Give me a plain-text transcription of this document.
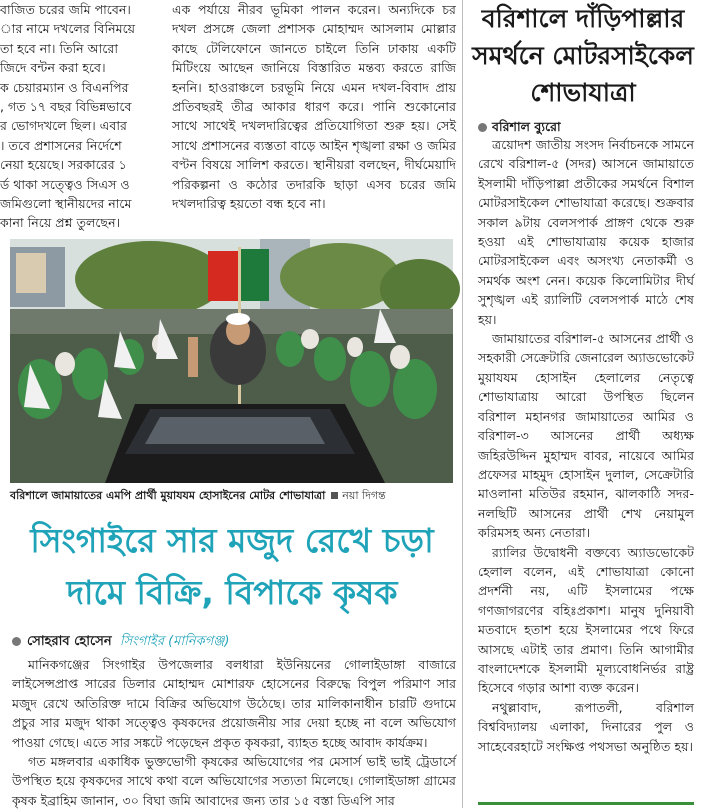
বাজিত চরের জমি পাবেন।

ার নামে দখলের বিনিময়ে

তা হবে না। তিনি আরো

জিদে বন্টন করা হবে।

ক চেয়ারম্যান ও বিএনপির

, গত ১৭ বছর বিভিন্নভাবে

র ভোগদখলে ছিল। এবার

। তবে প্রশাসনের নির্দেশে

নেয়া হয়েছে। সরকারের ১

র্ড থাকা সত্ত্বেও সিএস ও

জমিগুলো স্থানীয়দের নামে

কানা নিয়ে প্রশ্ন তুলছেন।

এক পর্যায়ে নীরব ভূমিকা পালন করেন। অন্যদিকে চর দখল প্রসঙ্গে জেলা প্রশাসক মোহাম্মদ আসলাম মোল্লার কাছে টেলিফোনে জানতে চাইলে তিনি ঢাকায় একটি মিটিংয়ে আছেন জানিয়ে বিস্তারিত মন্তব্য করতে রাজি হননি। হাওরাঞ্চলে চরভূমি নিয়ে এমন দখল-বিবাদ প্রায় প্রতিবছরই তীব্র আকার ধারণ করে। পানি শুকোনোর সাথে সাথেই দখলদারিত্বের প্রতিযোগিতা শুরু হয়। সেই সাথে প্রশাসনের ব্যস্ততা বাড়ে আইন শৃঙ্খলা রক্ষা ও জমির বণ্টন বিষয়ে সালিশ করতে। স্থানীয়রা বলছেন, দীর্ঘমেয়াদি পরিকল্পনা ও কঠোর তদারকি ছাড়া এসব চরের জমি দখলদারিত্ব হয়তো বন্ধ হবে না।

বরিশালে জামায়াতের এমপি প্রার্থী মুয়াযযম হোসাইনের মোটর শোভাযাত্রা নয়া দিগন্ত
সিংগাইরে সার মজুদ রেখে চড়া দামে বিক্রি, বিপাকে কৃষক
সোহরাব হোসেন সিংগাইর (মানিকগঞ্জ)

মানিকগঞ্জের সিংগাইর উপজেলার বলধারা ইউনিয়নের গোলাইডাঙ্গা বাজারে লাইসেন্সপ্রাপ্ত সারের ডিলার মোহাম্মদ মোশারফ হোসেনের বিরুদ্ধে বিপুল পরিমাণ সার মজুদ রেখে অতিরিক্ত দামে বিক্রির অভিযোগ উঠেছে। তার মালিকানাধীন চারটি গুদামে প্রচুর সার মজুদ থাকা সত্ত্বেও কৃষকদের প্রয়োজনীয় সার দেয়া হচ্ছে না বলে অভিযোগ পাওয়া গেছে। এতে সার সঙ্কটে পড়েছেন প্রকৃত কৃষকরা, ব্যাহত হচ্ছে আবাদ কার্যক্রম।

গত মঙ্গলবার একাধিক ভুক্তভোগী কৃষকের অভিযোগের পর মেসার্স ভাই ভাই ট্রেডার্সে উপস্থিত হয়ে কৃষকদের সাথে কথা বলে অভিযোগের সত্যতা মিলেছে। গোলাইডাঙ্গা গ্রামের কৃষক ইব্রাহিম জানান, ৩০ বিঘা জমি আবাদের জন্য তার ১৫ বস্তা ডিএপি সার

বরিশালে দাঁড়িপাল্লার সমর্থনে মোটরসাইকেল শোভাযাত্রা
বরিশাল ব্যুরো

ত্রয়োদশ জাতীয় সংসদ নির্বাচনকে সামনে রেখে বরিশাল-৫ (সদর) আসনে জামায়াতে ইসলামী দাঁড়িপাল্লা প্রতীকের সমর্থনে বিশাল মোটরসাইকেল শোভাযাত্রা করেছে। শুক্রবার সকাল ৯টায় বেলসপার্ক প্রাঙ্গণ থেকে শুরু হওয়া এই শোভাযাত্রায় কয়েক হাজার মোটরসাইকেল এবং অসংখ্য নেতাকর্মী ও সমর্থক অংশ নেন। কয়েক কিলোমিটার দীর্ঘ সুশৃঙ্খল এই র‍্যালিটি বেলসপার্ক মাঠে শেষ হয়।

জামায়াতের বরিশাল-৫ আসনের প্রার্থী ও সহকারী সেক্রেটারি জেনারেল অ্যাডভোকেট মুয়াযযম হোসাইন হেলালের নেতৃত্বে শোভাযাত্রায় আরো উপস্থিত ছিলেন বরিশাল মহানগর জামায়াতের আমির ও বরিশাল-৩ আসনের প্রার্থী অধ্যক্ষ জহিরউদ্দিন মুহাম্মদ বাবর, নায়েবে আমির প্রফেসর মাহমুদ হোসাইন দুলাল, সেক্রেটারি মাওলানা মতিউর রহমান, ঝালকাঠি সদর-নলছিটি আসনের প্রার্থী শেখ নেয়ামুল করিমসহ অন্য নেতারা।

র‍্যালির উদ্বোধনী বক্তব্যে অ্যাডভোকেট হেলাল বলেন, এই শোভাযাত্রা কোনো প্রদর্শনী নয়, এটি ইসলামের পক্ষে গণজাগরণের বহিঃপ্রকাশ। মানুষ দুনিয়াবী মতবাদে হতাশ হয়ে ইসলামের পথে ফিরে আসছে এটাই তার প্রমাণ। তিনি আগামীর বাংলাদেশকে ইসলামী মূল্যবোধনির্ভর রাষ্ট্র হিসেবে গড়ার আশা ব্যক্ত করেন।

নথুল্লাবাদ, রূপাতলী, বরিশাল বিশ্ববিদ্যালয় এলাকা, দিনারের পুল ও সাহেবেরহাটে সংক্ষিপ্ত পথসভা অনুষ্ঠিত হয়।
